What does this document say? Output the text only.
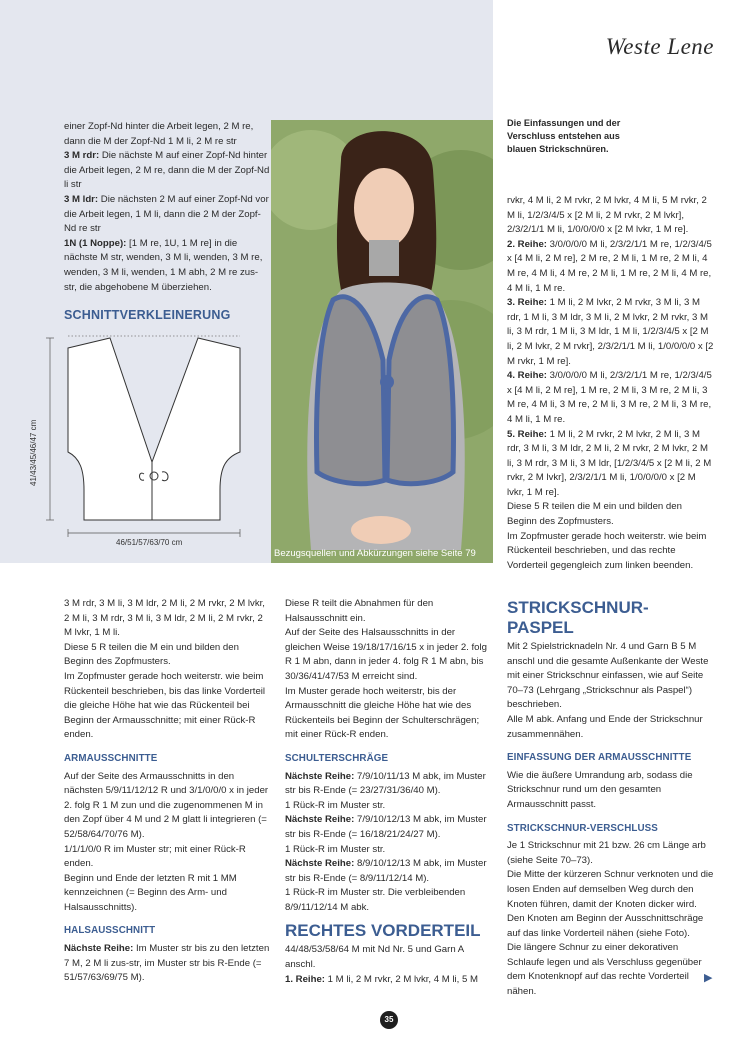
Weste Lene

einer Zopf-Nd hinter die Arbeit legen, 2 M re, dann die M der Zopf-Nd 1 M li, 2 M re str

3 M rdr: Die nächste M auf einer Zopf-Nd hinter die Arbeit legen, 2 M re, dann die M der Zopf-Nd li str

3 M ldr: Die nächsten 2 M auf einer Zopf-Nd vor die Arbeit legen, 1 M li, dann die 2 M der Zopf-Nd re str

1N (1 Noppe): [1 M re, 1U, 1 M re] in die nächste M str, wenden, 3 M li, wenden, 3 M re, wenden, 3 M li, wenden, 1 M abh, 2 M re zus-str, die abgehobene M überziehen.

SCHNITTVERKLEINERUNG
46/51/57/63/70 cm
41/43/45/46/47 cm
Bezugsquellen und Abkürzungen siehe Seite 79
Die Einfassungen und der Verschluss entstehen aus blauen Strickschnüren.

rvkr, 4 M li, 2 M rvkr, 2 M lvkr, 4 M li, 5 M rvkr, 2 M li, 1/2/3/4/5 x [2 M li, 2 M rvkr, 2 M lvkr], 2/3/2/1/1 M li, 1/0/0/0/0 x [2 M lvkr, 1 M re].

2. Reihe: 3/0/0/0/0 M li, 2/3/2/1/1 M re, 1/2/3/4/5 x [4 M li, 2 M re], 2 M re, 2 M li, 1 M re, 2 M li, 4 M re, 4 M li, 4 M re, 2 M li, 1 M re, 2 M li, 4 M re, 4 M li, 1 M re.

3. Reihe: 1 M li, 2 M lvkr, 2 M rvkr, 3 M li, 3 M rdr, 1 M li, 3 M ldr, 3 M li, 2 M lvkr, 2 M rvkr, 3 M li, 3 M rdr, 1 M li, 3 M ldr, 1 M li, 1/2/3/4/5 x [2 M li, 2 M lvkr, 2 M rvkr], 2/3/2/1/1 M li, 1/0/0/0/0 x [2 M rvkr, 1 M re].

4. Reihe: 3/0/0/0/0 M li, 2/3/2/1/1 M re, 1/2/3/4/5 x [4 M li, 2 M re], 1 M re, 2 M li, 3 M re, 2 M li, 3 M re, 4 M li, 3 M re, 2 M li, 3 M re, 2 M li, 3 M re, 4 M li, 1 M re.

5. Reihe: 1 M li, 2 M rvkr, 2 M lvkr, 2 M li, 3 M rdr, 3 M li, 3 M ldr, 2 M li, 2 M rvkr, 2 M lvkr, 2 M li, 3 M rdr, 3 M li, 3 M ldr, [1/2/3/4/5 x [2 M li, 2 M rvkr, 2 M lvkr], 2/3/2/1/1 M li, 1/0/0/0/0 x [2 M lvkr, 1 M re].

Diese 5 R teilen die M ein und bilden den Beginn des Zopfmusters.

Im Zopfmuster gerade hoch weiterstr. wie beim Rückenteil beschrieben, und das rechte Vorderteil gegengleich zum linken beenden.

3 M rdr, 3 M li, 3 M ldr, 2 M li, 2 M rvkr, 2 M lvkr, 2 M li, 3 M rdr, 3 M li, 3 M ldr, 2 M li, 2 M rvkr, 2 M lvkr, 1 M li.

Diese 5 R teilen die M ein und bilden den Beginn des Zopfmusters.

Im Zopfmuster gerade hoch weiterstr. wie beim Rückenteil beschrieben, bis das linke Vorderteil die gleiche Höhe hat wie das Rückenteil bei Beginn der Armausschnitte; mit einer Rück-R enden.

ARMAUSSCHNITTE

Auf der Seite des Armausschnitts in den nächsten 5/9/11/12/12 R und 3/1/0/0/0 x in jeder 2. folg R 1 M zun und die zugenommenen M in den Zopf über 4 M und 2 M glatt li integrieren (= 52/58/64/70/76 M).

1/1/1/0/0 R im Muster str; mit einer Rück-R enden.

Beginn und Ende der letzten R mit 1 MM kennzeichnen (= Beginn des Arm- und Halsausschnitts).

HALSAUSSCHNITT

Nächste Reihe: Im Muster str bis zu den letzten 7 M, 2 M li zus-str, im Muster str bis R-Ende (= 51/57/63/69/75 M).

Diese R teilt die Abnahmen für den Halsausschnitt ein.

Auf der Seite des Halsausschnitts in der gleichen Weise 19/18/17/16/15 x in jeder 2. folg R 1 M abn, dann in jeder 4. folg R 1 M abn, bis 30/36/41/47/53 M erreicht sind.

Im Muster gerade hoch weiterstr, bis der Armausschnitt die gleiche Höhe hat wie des Rückenteils bei Beginn der Schulterschrägen; mit einer Rück-R enden.

SCHULTERSCHRÄGE

Nächste Reihe: 7/9/10/11/13 M abk, im Muster str bis R-Ende (= 23/27/31/36/40 M).

1 Rück-R im Muster str.

Nächste Reihe: 7/9/10/12/13 M abk, im Muster str bis R-Ende (= 16/18/21/24/27 M).

1 Rück-R im Muster str.

Nächste Reihe: 8/9/10/12/13 M abk, im Muster str bis R-Ende (= 8/9/11/12/14 M).

1 Rück-R im Muster str. Die verbleibenden 8/9/11/12/14 M abk.

RECHTES VORDERTEIL

44/48/53/58/64 M mit Nd Nr. 5 und Garn A anschl.

1. Reihe: 1 M li, 2 M rvkr, 2 M lvkr, 4 M li, 5 M

STRICKSCHNUR-PASPEL

Mit 2 Spielstricknadeln Nr. 4 und Garn B 5 M anschl und die gesamte Außenkante der Weste mit einer Strickschnur einfassen, wie auf Seite 70–73 (Lehrgang „Strickschnur als Paspel“) beschrieben.

Alle M abk. Anfang und Ende der Strickschnur zusammennähen.

EINFASSUNG DER ARMAUSSCHNITTE

Wie die äußere Umrandung arb, sodass die Strickschnur rund um den gesamten Armausschnitt passt.

STRICKSCHNUR-VERSCHLUSS

Je 1 Strickschnur mit 21 bzw. 26 cm Länge arb (siehe Seite 70–73).

Die Mitte der kürzeren Schnur verknoten und die losen Enden auf demselben Weg durch den Knoten führen, damit der Knoten dicker wird. Den Knoten am Beginn der Ausschnittschräge auf das linke Vorderteil nähen (siehe Foto).

Die längere Schnur zu einer dekorativen Schlaufe legen und als Verschluss gegenüber dem Knotenknopf auf das rechte Vorderteil nähen.

▶
35
